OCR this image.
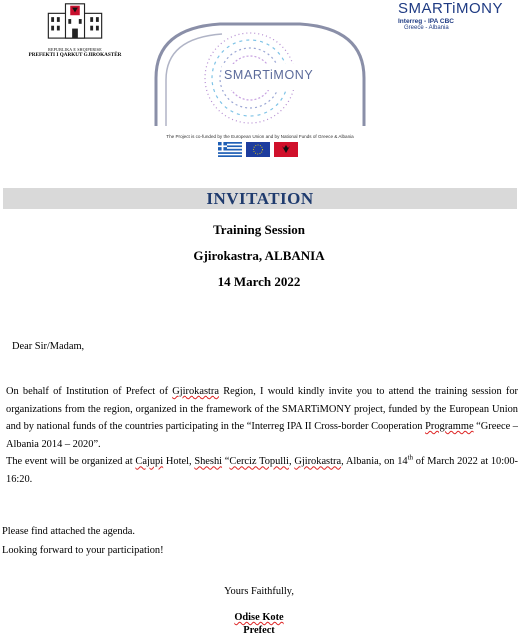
REPUBLIKA E SHQIPERISE
PREFEKTI I QARKUT GJIROKASTËR
SMARTiMONY
Interreg - IPA CBC
Greece - Albania
SMARTiMONY
The Project is co-funded by the European Union and by National Funds of Greece & Albania
INVITATION
Training Session
Gjirokastra, ALBANIA
14 March 2022
Dear Sir/Madam,

On behalf of Institution of Prefect of Gjirokastra Region, I would kindly invite you to attend the training session for organizations from the region, organized in the framework of the SMARTiMONY project, funded by the European Union and by national funds of the countries participating in the “Interreg IPA II Cross-border Cooperation Programme “Greece – Albania 2014 – 2020”.

The event will be organized at Cajupi Hotel, Sheshi “Cerciz Topulli, Gjirokastra, Albania, on 14th of March 2022 at 10:00-16:20.

Please find attached the agenda.
Looking forward to your participation!
Yours Faithfully,
Odise Kote
Prefect
